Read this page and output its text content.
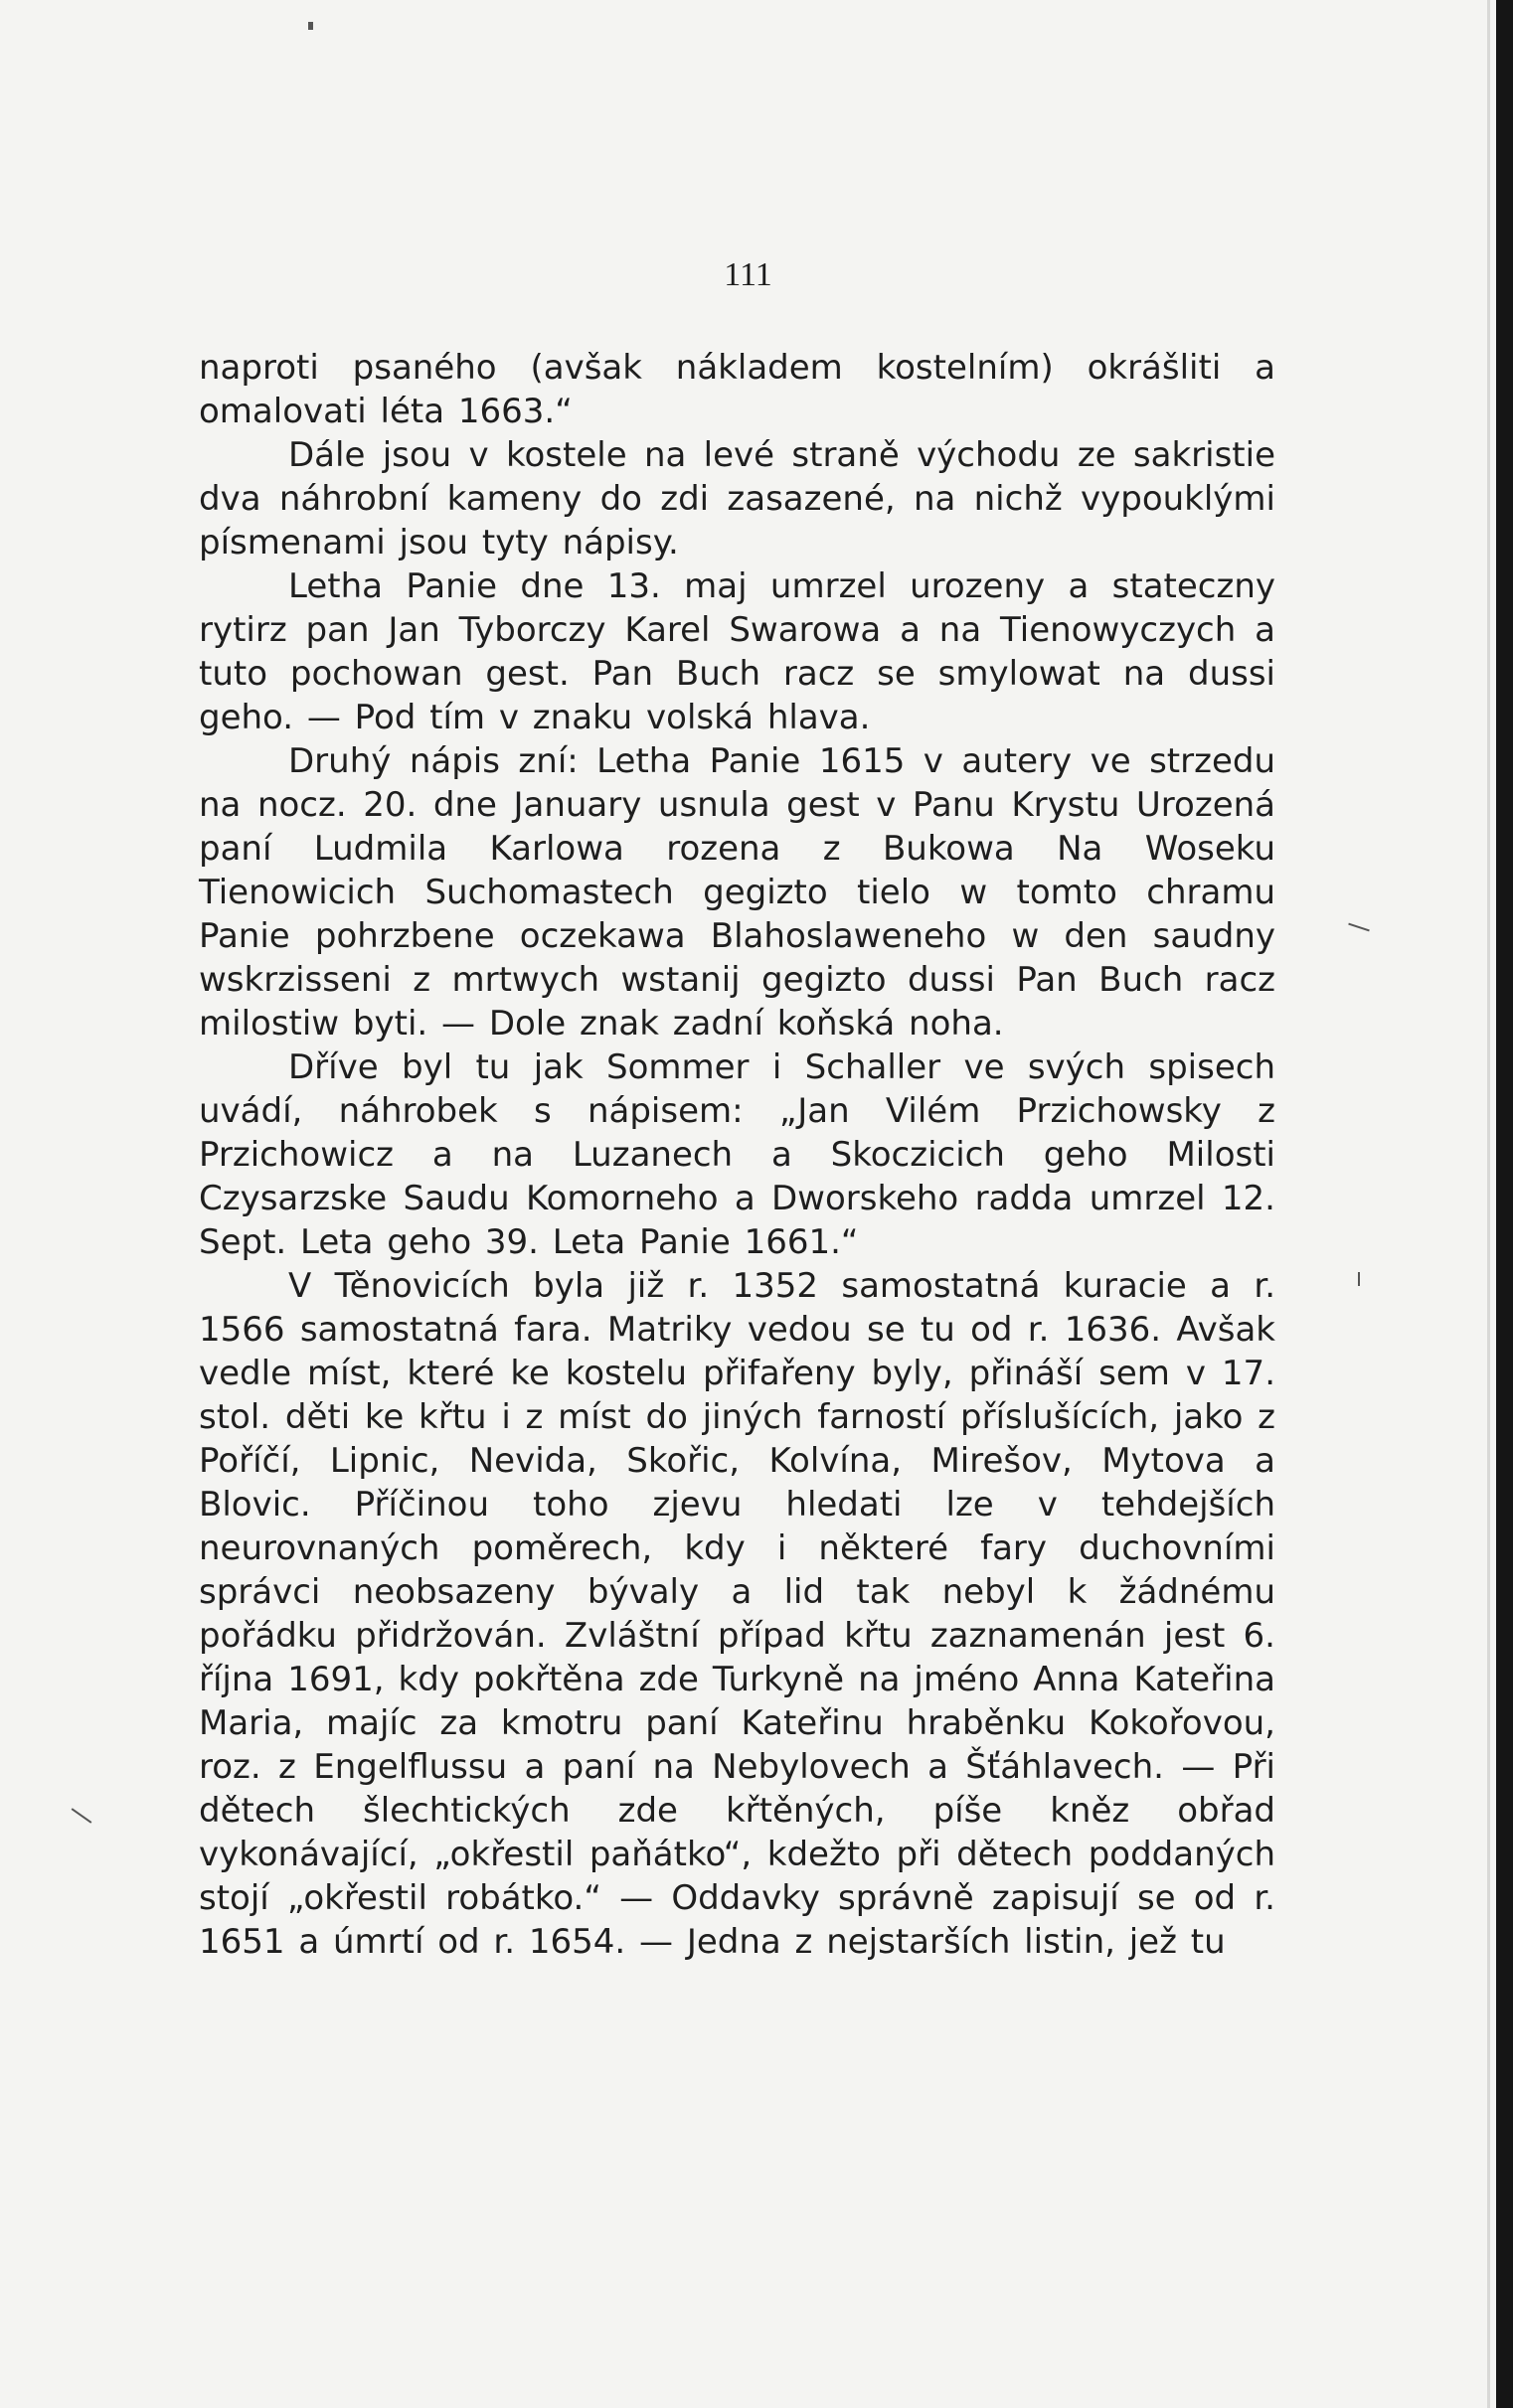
111

naproti psaného (avšak nákladem kostelním) okrášliti a omalovati léta 1663.“

Dále jsou v kostele na levé straně východu ze sakristie dva náhrobní kameny do zdi zasazené, na nichž vypouklými písmenami jsou tyty nápisy.

Letha Panie dne 13. maj umrzel urozeny a stateczny rytirz pan Jan Tyborczy Karel Swarowa a na Tienowyczych a tuto pochowan gest. Pan Buch racz se smylowat na dussi geho. — Pod tím v znaku volská hlava.

Druhý nápis zní: Letha Panie 1615 v autery ve strzedu na nocz. 20. dne January usnula gest v Panu Krystu Urozená paní Ludmila Karlowa rozena z Bukowa Na Woseku Tienowicich Suchomastech gegizto tielo w tomto chramu Panie pohrzbene oczekawa Blahoslaweneho w den saudny wskrzisseni z mrtwych wstanij gegizto dussi Pan Buch racz milostiw byti. — Dole znak zadní koňská noha.

Dříve byl tu jak Sommer i Schaller ve svých spisech uvádí, náhrobek s nápisem: „Jan Vilém Przichowsky z Przichowicz a na Luzanech a Skoczicich geho Milosti Czysarzske Saudu Komorneho a Dworskeho radda umrzel 12. Sept. Leta geho 39. Leta Panie 1661.“

V Těnovicích byla již r. 1352 samostatná kuracie a r. 1566 samostatná fara. Matriky vedou se tu od r. 1636. Avšak vedle míst, které ke kostelu přifařeny byly, přináší sem v 17. stol. děti ke křtu i z míst do jiných farností příslušících, jako z Poříčí, Lipnic, Nevida, Skořic, Kolvína, Mirešov, Mytova a Blovic. Příčinou toho zjevu hledati lze v tehdejších neurovnaných poměrech, kdy i některé fary duchovními správci neobsazeny bývaly a lid tak nebyl k žádnému pořádku přidržován. Zvláštní případ křtu zaznamenán jest 6. října 1691, kdy pokřtěna zde Turkyně na jméno Anna Kateřina Maria, majíc za kmotru paní Kateřinu hraběnku Kokořovou, roz. z Engelflussu a paní na Nebylovech a Šťáhlavech. — Při dětech šlechtických zde křtěných, píše kněz obřad vykonávající, „okřestil paňátko“, kdežto při dětech poddaných stojí „okřestil robátko.“ — Oddavky správně zapisují se od r. 1651 a úmrtí od r. 1654. — Jedna z nejstarších listin, jež tu
